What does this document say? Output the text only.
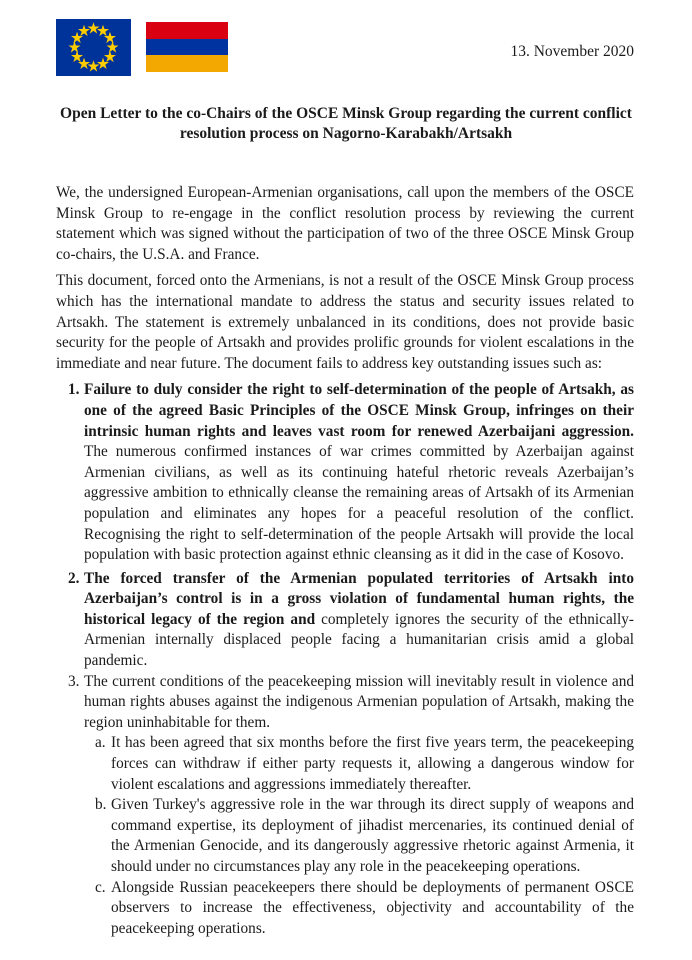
13. November 2020
Open Letter to the co-Chairs of the OSCE Minsk Group regarding the current conflict
resolution process on Nagorno-Karabakh/Artsakh

We, the undersigned European-Armenian organisations, call upon the members of the OSCE Minsk Group to re-engage in the conflict resolution process by reviewing the current statement which was signed without the participation of two of the three OSCE Minsk Group co-chairs, the U.S.A. and France.

This document, forced onto the Armenians, is not a result of the OSCE Minsk Group process which has the international mandate to address the status and security issues related to Artsakh. The statement is extremely unbalanced in its conditions, does not provide basic security for the people of Artsakh and provides prolific grounds for violent escalations in the immediate and near future. The document fails to address key outstanding issues such as:

1. Failure to duly consider the right to self-determination of the people of Artsakh, as one of the agreed Basic Principles of the OSCE Minsk Group, infringes on their intrinsic human rights and leaves vast room for renewed Azerbaijani aggression. The numerous confirmed instances of war crimes committed by Azerbaijan against Armenian civilians, as well as its continuing hateful rhetoric reveals Azerbaijan’s aggressive ambition to ethnically cleanse the remaining areas of Artsakh of its Armenian population and eliminates any hopes for a peaceful resolution of the conflict. Recognising the right to self-determination of the people Artsakh will provide the local population with basic protection against ethnic cleansing as it did in the case of Kosovo.
2. The forced transfer of the Armenian populated territories of Artsakh into Azerbaijan’s control is in a gross violation of fundamental human rights, the historical legacy of the region and completely ignores the security of the ethnically-Armenian internally displaced people facing a humanitarian crisis amid a global pandemic.
3. The current conditions of the peacekeeping mission will inevitably result in violence and human rights abuses against the indigenous Armenian population of Artsakh, making the region uninhabitable for them.
a. It has been agreed that six months before the first five years term, the peacekeeping forces can withdraw if either party requests it, allowing a dangerous window for violent escalations and aggressions immediately thereafter.
b. Given Turkey's aggressive role in the war through its direct supply of weapons and command expertise, its deployment of jihadist mercenaries, its continued denial of the Armenian Genocide, and its dangerously aggressive rhetoric against Armenia, it should under no circumstances play any role in the peacekeeping operations.
c. Alongside Russian peacekeepers there should be deployments of permanent OSCE observers to increase the effectiveness, objectivity and accountability of the peacekeeping operations.
